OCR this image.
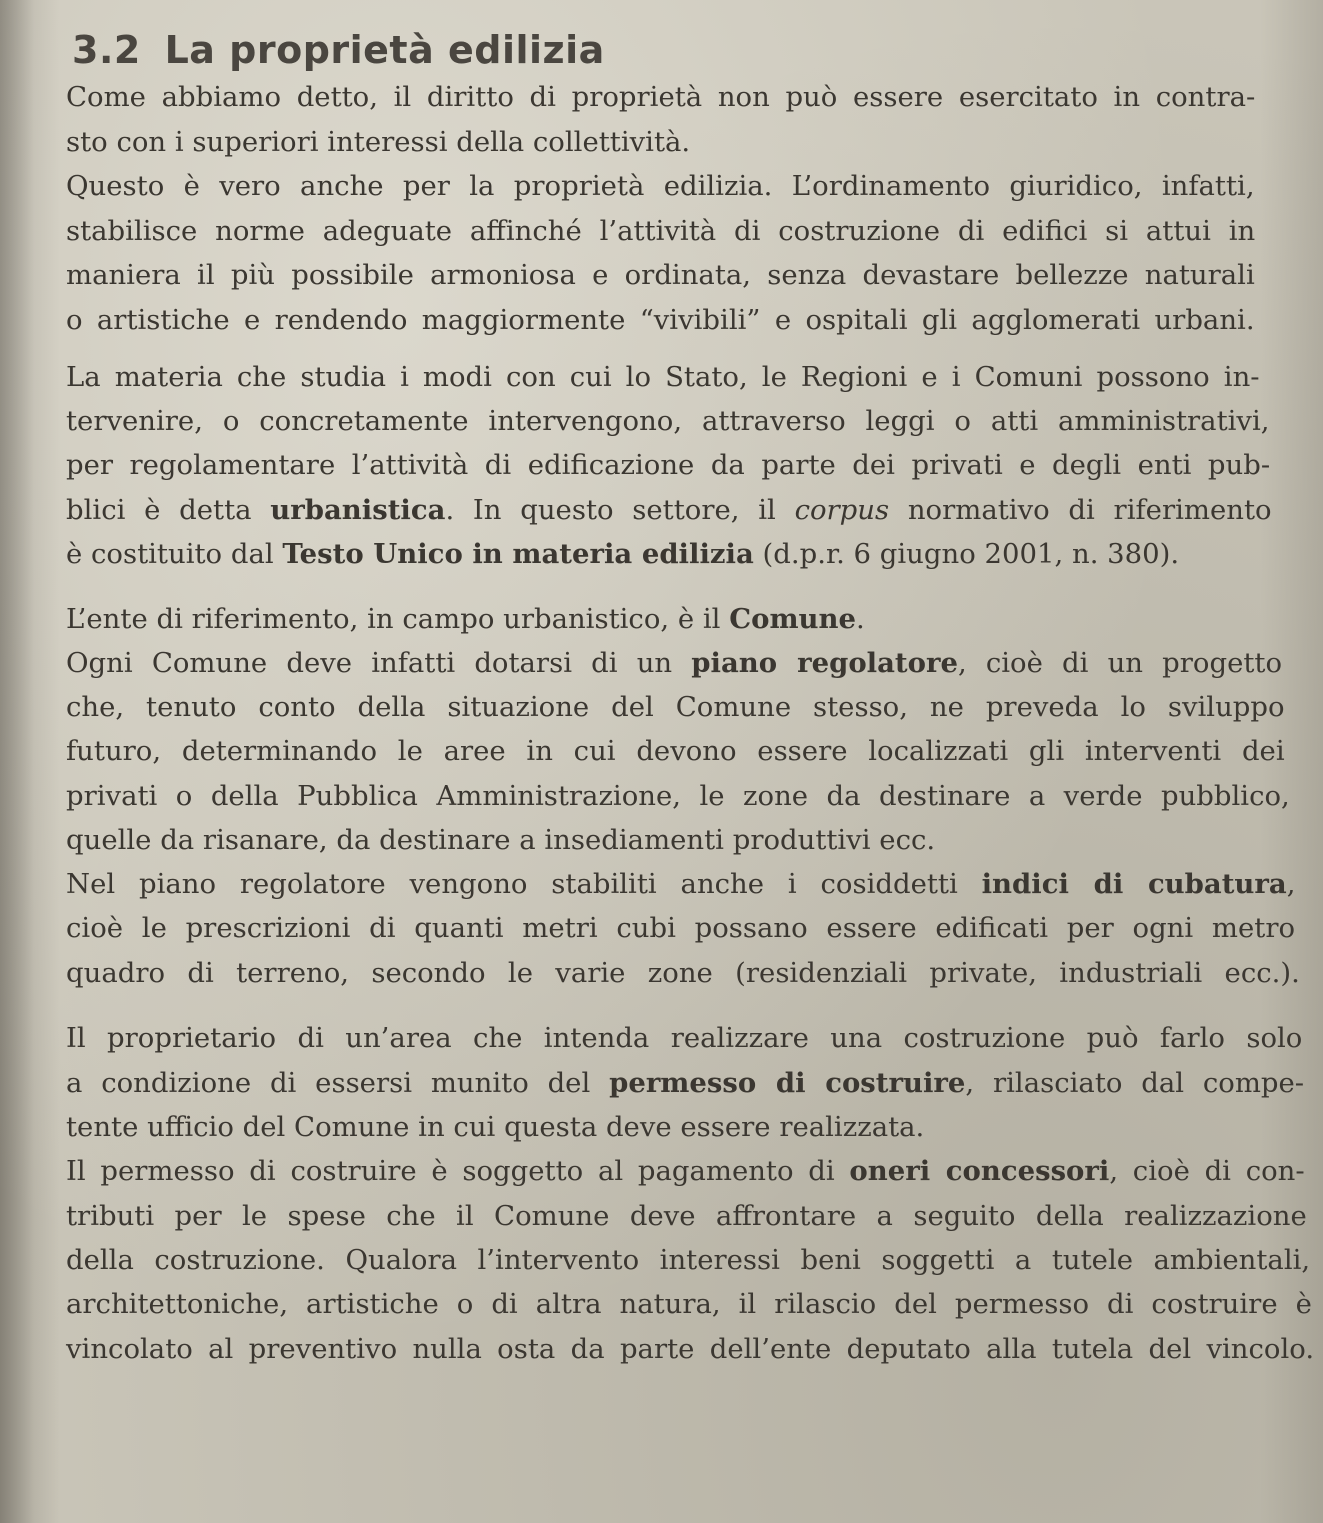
3.2 La proprietà edilizia
Come abbiamo detto, il diritto di proprietà non può essere esercitato in contra-
sto con i superiori interessi della collettività.
Questo è vero anche per la proprietà edilizia. L’ordinamento giuridico, infatti,
stabilisce norme adeguate affinché l’attività di costruzione di edifici si attui in
maniera il più possibile armoniosa e ordinata, senza devastare bellezze naturali
o artistiche e rendendo maggiormente “vivibili” e ospitali gli agglomerati urbani.
La materia che studia i modi con cui lo Stato, le Regioni e i Comuni possono in-
tervenire, o concretamente intervengono, attraverso leggi o atti amministrativi,
per regolamentare l’attività di edificazione da parte dei privati e degli enti pub-
blici è detta urbanistica. In questo settore, il corpus normativo di riferimento
è costituito dal Testo Unico in materia edilizia (d.p.r. 6 giugno 2001, n. 380).
L’ente di riferimento, in campo urbanistico, è il Comune.
Ogni Comune deve infatti dotarsi di un piano regolatore, cioè di un progetto
che, tenuto conto della situazione del Comune stesso, ne preveda lo sviluppo
futuro, determinando le aree in cui devono essere localizzati gli interventi dei
privati o della Pubblica Amministrazione, le zone da destinare a verde pubblico,
quelle da risanare, da destinare a insediamenti produttivi ecc.
Nel piano regolatore vengono stabiliti anche i cosiddetti indici di cubatura,
cioè le prescrizioni di quanti metri cubi possano essere edificati per ogni metro
quadro di terreno, secondo le varie zone (residenziali private, industriali ecc.).
Il proprietario di un’area che intenda realizzare una costruzione può farlo solo
a condizione di essersi munito del permesso di costruire, rilasciato dal compe-
tente ufficio del Comune in cui questa deve essere realizzata.
Il permesso di costruire è soggetto al pagamento di oneri concessori, cioè di con-
tributi per le spese che il Comune deve affrontare a seguito della realizzazione
della costruzione. Qualora l’intervento interessi beni soggetti a tutele ambientali,
architettoniche, artistiche o di altra natura, il rilascio del permesso di costruire è
vincolato al preventivo nulla osta da parte dell’ente deputato alla tutela del vincolo.
